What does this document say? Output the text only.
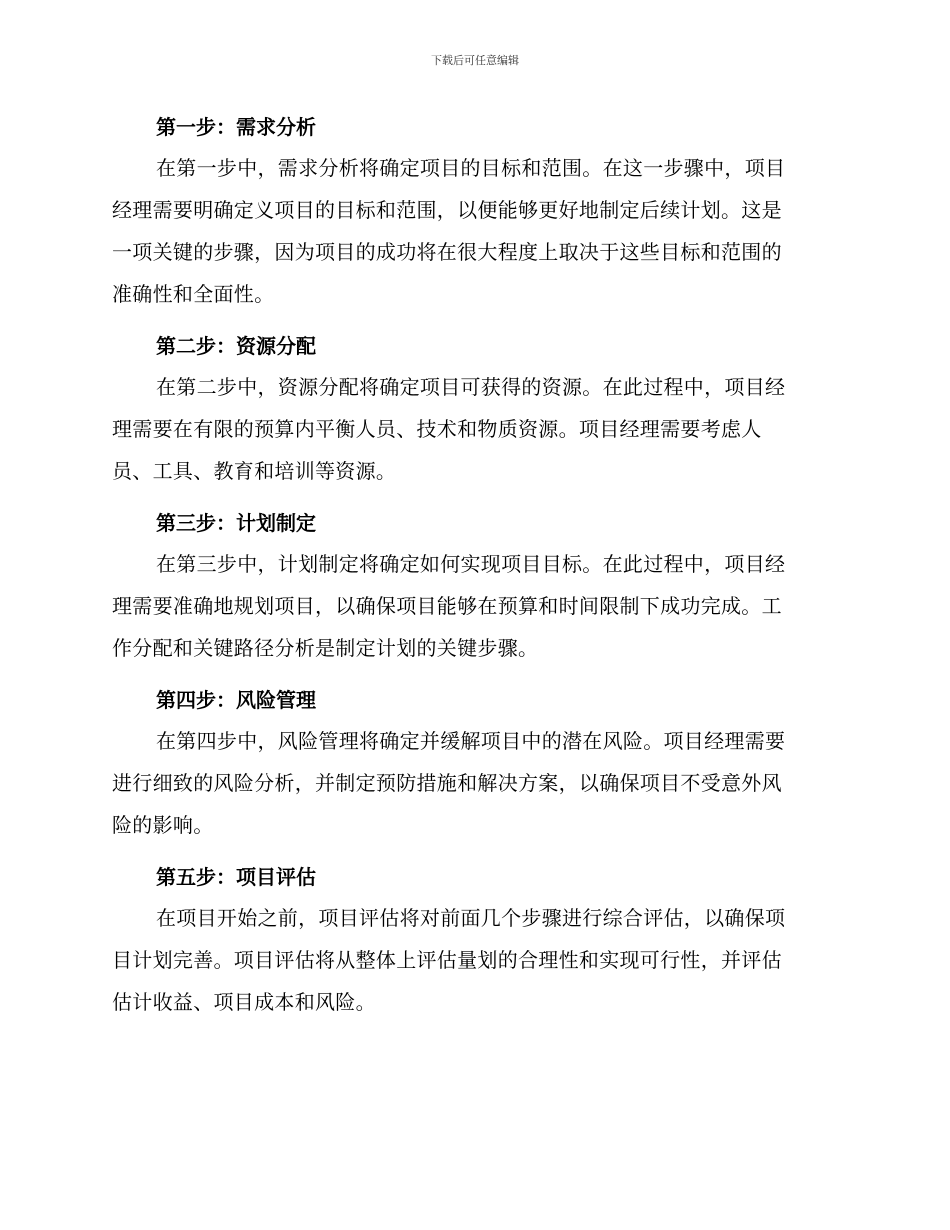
下载后可任意编辑
第一步：需求分析

在第一步中，需求分析将确定项目的目标和范围。在这一步骤中，项目
经理需要明确定义项目的目标和范围，以便能够更好地制定后续计划。这是
一项关键的步骤，因为项目的成功将在很大程度上取决于这些目标和范围的
准确性和全面性。

第二步：资源分配

在第二步中，资源分配将确定项目可获得的资源。在此过程中，项目经
理需要在有限的预算内平衡人员、技术和物质资源。项目经理需要考虑人
员、工具、教育和培训等资源。

第三步：计划制定

在第三步中，计划制定将确定如何实现项目目标。在此过程中，项目经
理需要准确地规划项目，以确保项目能够在预算和时间限制下成功完成。工
作分配和关键路径分析是制定计划的关键步骤。

第四步：风险管理

在第四步中，风险管理将确定并缓解项目中的潜在风险。项目经理需要
进行细致的风险分析，并制定预防措施和解决方案，以确保项目不受意外风
险的影响。

第五步：项目评估

在项目开始之前，项目评估将对前面几个步骤进行综合评估，以确保项
目计划完善。项目评估将从整体上评估量划的合理性和实现可行性，并评估
估计收益、项目成本和风险。
